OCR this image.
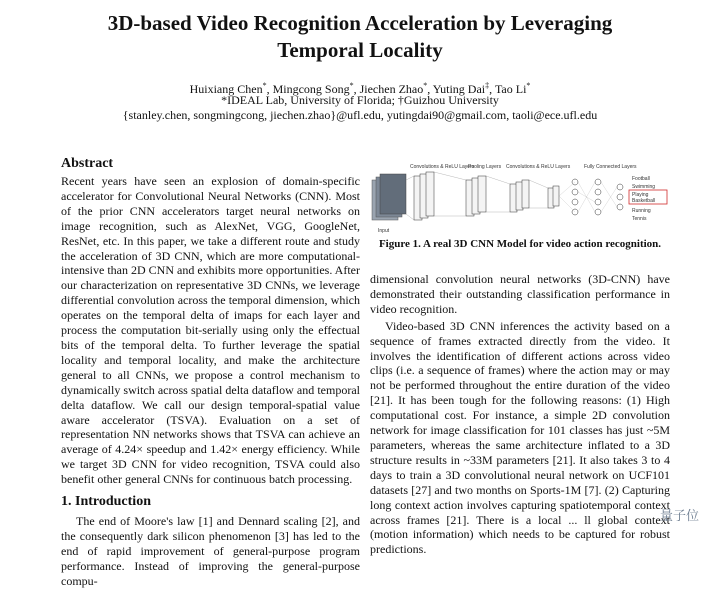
3D-based Video Recognition Acceleration by Leveraging
Temporal Locality
Huixiang Chen*, Mingcong Song*, Jiechen Zhao*, Yuting Dai‡, Tao Li*
*IDEAL Lab, University of Florida; †Guizhou University
{stanley.chen, songmingcong, jiechen.zhao}@ufl.edu, yutingdai90@gmail.com, taoli@ece.ufl.edu
Abstract

Recent years have seen an explosion of domain-specific accelerator for Convolutional Neural Networks (CNN). Most of the prior CNN accelerators target neural networks on image recognition, such as AlexNet, VGG, GoogleNet, ResNet, etc. In this paper, we take a different route and study the acceleration of 3D CNN, which are more computational-intensive than 2D CNN and exhibits more opportunities. After our characterization on representative 3D CNNs, we leverage differential convolution across the temporal dimension, which operates on the temporal delta of imaps for each layer and process the computation bit-serially using only the effectual bits of the temporal delta. To further leverage the spatial locality and temporal locality, and make the architecture general to all CNNs, we propose a control mechanism to dynamically switch across spatial delta dataflow and temporal delta dataflow. We call our design temporal-spatial value aware accelerator (TSVA). Evaluation on a set of representation NN networks shows that TSVA can achieve an average of 4.24× speedup and 1.42× energy efficiency. While we target 3D CNN for video recognition, TSVA could also benefit other general CNNs for continuous batch processing.

1. Introduction

The end of Moore's law [1] and Dennard scaling [2], and the consequently dark silicon phenomenon [3] has led to the end of rapid improvement of general-purpose program performance. Instead of improving the general-purpose compu-

Input
Convolutions & ReLU Layers
Pooling Layers Convolutions & ReLU Layers	Fully Connected Layers
Football
Swimming
Playing
Basketball
Running
Tennis
Figure 1. A real 3D CNN Model for video action recognition.

dimensional convolution neural networks (3D-CNN) have demonstrated their outstanding classification performance in video recognition.

Video-based 3D CNN inferences the activity based on a sequence of frames extracted directly from the video. It involves the identification of different actions across video clips (i.e. a sequence of frames) where the action may or may not be performed throughout the entire duration of the video [21]. It has been tough for the following reasons: (1) High computational cost. For instance, a simple 2D convolution network for image classification for 101 classes has just ~5M parameters, whereas the same architecture inflated to a 3D structure results in ~33M parameters [21]. It also takes 3 to 4 days to train a 3D convolutional neural network on UCF101 datasets [27] and two months on Sports-1M [7]. (2) Capturing long context action involves capturing spatiotemporal context across frames [21]. There is a local ... ll global context (motion information) which needs to be captured for robust predictions.

量子位
